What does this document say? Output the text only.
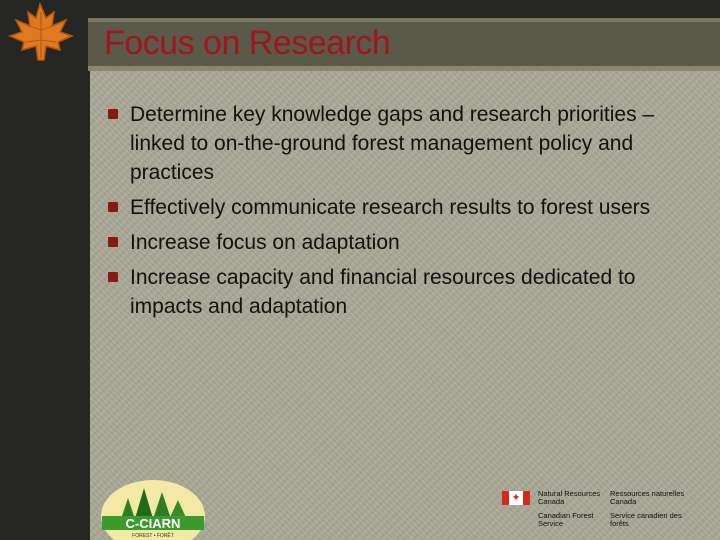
Focus on Research
Determine key knowledge gaps and research priorities – linked to on-the-ground forest management policy and practices
Effectively communicate research results to forest users
Increase focus on adaptation
Increase capacity and financial resources dedicated to impacts and adaptation
C-CIARN
FOREST • FORÊT
✦	Natural Resources Canada
Ressources naturelles Canada
Canadian Forest Service
Service canadien des forêts
